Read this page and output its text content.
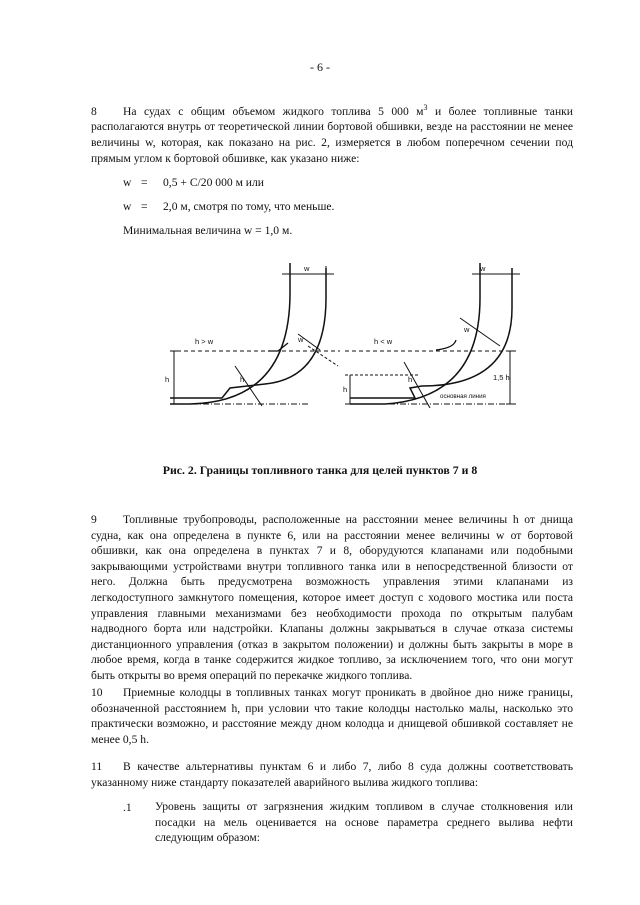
- 6 -
8 На судах с общим объемом жидкого топлива 5 000 $м^3$ и более топливные танки располагаются внутрь от теоретической линии бортовой обшивки, везде на расстоянии не менее величины w, которая, как показано на рис. 2, измеряется в любом поперечном сечении под прямым углом к бортовой обшивке, как указано ниже:
w = 0,5 + C/20 000 м или
w = 2,0 м, смотря по тому, что меньше.
Минимальная величина w = 1,0 м.
w
h > w	w
h	h
w
h < w
w
h
h	1,5 h
основная линия
Рис. 2. Границы топливного танка для целей пунктов 7 и 8
9 Топливные трубопроводы, расположенные на расстоянии менее величины h от днища судна, как она определена в пункте 6, или на расстоянии менее величины w от бортовой обшивки, как она определена в пунктах 7 и 8, оборудуются клапанами или подобными закрывающими устройствами внутри топливного танка или в непосредственной близости от него. Должна быть предусмотрена возможность управления этими клапанами из легкодоступного замкнутого помещения, которое имеет доступ с ходового мостика или поста управления главными механизмами без необходимости прохода по открытым палубам надводного борта или надстройки. Клапаны должны закрываться в случае отказа системы дистанционного управления (отказ в закрытом положении) и должны быть закрыты в море в любое время, когда в танке содержится жидкое топливо, за исключением того, что они могут быть открыты во время операций по перекачке жидкого топлива.
10 Приемные колодцы в топливных танках могут проникать в двойное дно ниже границы, обозначенной расстоянием h, при условии что такие колодцы настолько малы, насколько это практически возможно, и расстояние между дном колодца и днищевой обшивкой составляет не менее 0,5 h.
11 В качестве альтернативы пунктам 6 и либо 7, либо 8 суда должны соответствовать указанному ниже стандарту показателей аварийного вылива жидкого топлива:
.1 Уровень защиты от загрязнения жидким топливом в случае столкновения или посадки на мель оценивается на основе параметра среднего вылива нефти следующим образом:
